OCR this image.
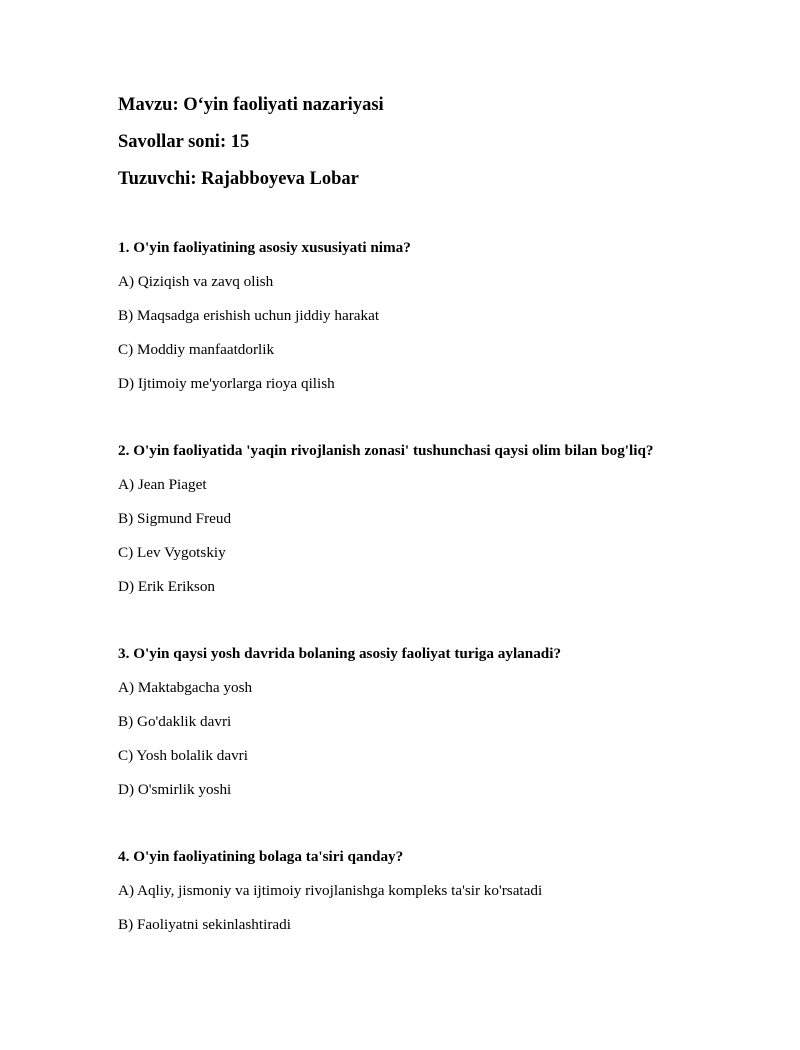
Mavzu: O‘yin faoliyati nazariyasi
Savollar soni: 15
Tuzuvchi: Rajabboyeva Lobar
1. O'yin faoliyatining asosiy xususiyati nima?
A) Qiziqish va zavq olish
B) Maqsadga erishish uchun jiddiy harakat
C) Moddiy manfaatdorlik
D) Ijtimoiy me'yorlarga rioya qilish
2. O'yin faoliyatida 'yaqin rivojlanish zonasi' tushunchasi qaysi olim bilan bog'liq?
A) Jean Piaget
B) Sigmund Freud
C) Lev Vygotskiy
D) Erik Erikson
3. O'yin qaysi yosh davrida bolaning asosiy faoliyat turiga aylanadi?
A) Maktabgacha yosh
B) Go'daklik davri
C) Yosh bolalik davri
D) O'smirlik yoshi
4. O'yin faoliyatining bolaga ta'siri qanday?
A) Aqliy, jismoniy va ijtimoiy rivojlanishga kompleks ta'sir ko'rsatadi
B) Faoliyatni sekinlashtiradi
